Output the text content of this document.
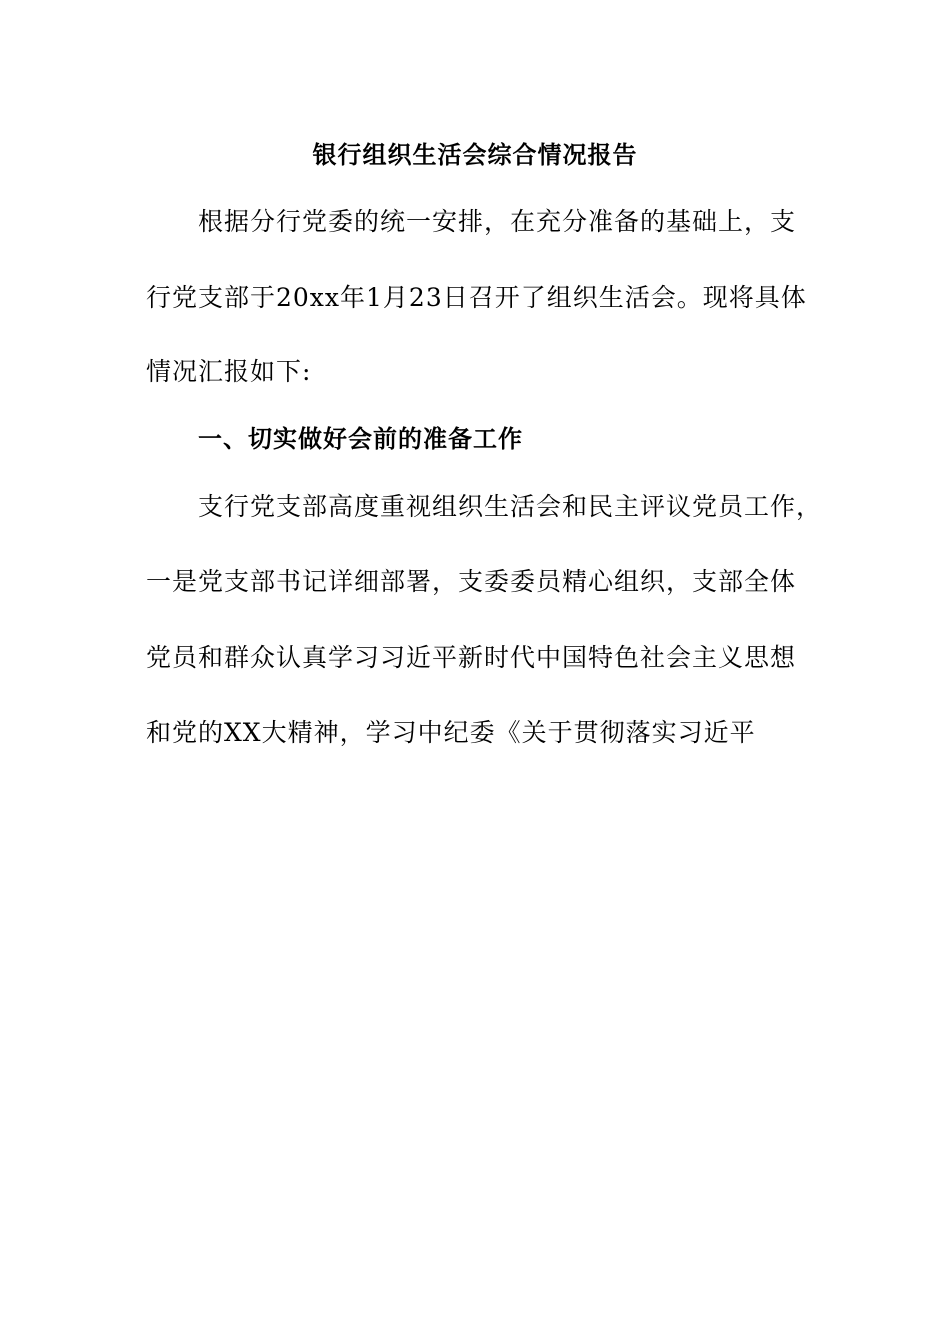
银行组织生活会综合情况报告
根据分行党委的统一安排，在充分准备的基础上，支
行党支部于20xx年1月23日召开了组织生活会。现将具体
情况汇报如下:
一、切实做好会前的准备工作
支行党支部高度重视组织生活会和民主评议党员工作，
一是党支部书记详细部署，支委委员精心组织，支部全体
党员和群众认真学习习近平新时代中国特色社会主义思想
和党的XX大精神，学习中纪委《关于贯彻落实习近平
